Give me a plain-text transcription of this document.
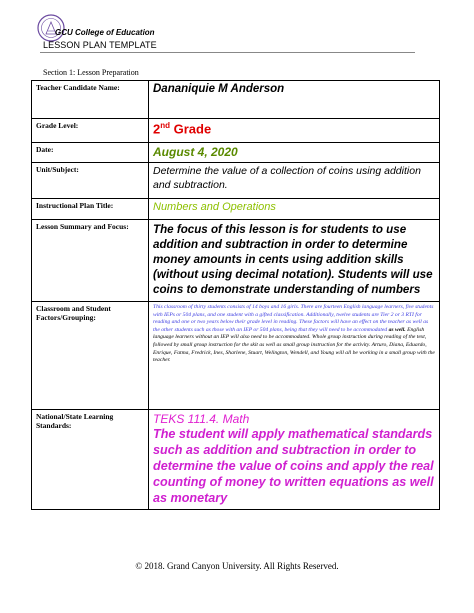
GCU College of Education
LESSON PLAN TEMPLATE
Section 1: Lesson Preparation
Teacher Candidate Name:	Dananiquie M Anderson

Grade Level:	2nd Grade

Date:	August 4, 2020

Unit/Subject:	Determine the value of a collection of coins using addition and subtraction.

Instructional Plan Title:	Numbers and Operations

Lesson Summary and Focus:	The focus of this lesson is for students to use addition and subtraction in order to determine money amounts in cents using addition skills (without using decimal notation). Students will use coins to demonstrate understanding of numbers

Classroom and Student Factors/Grouping:	This classroom of thirty students consists of 14 boys and 16 girls. There are fourteen English language learners, five students with IEPs or 504 plans, and one student with a gifted classification. Additionally, twelve students are Tier 2 or 3 RTI for reading and one or two years below their grade level in reading. These factors will have an effect on the teacher as well as the other students such as those with an IEP or 504 plans, being that they will need to be accommodated as well. English language learners without an IEP will also need to be accommodated. Whole group instruction during reading of the text, followed by small group instruction for the skit as well as small group instruction for the activity. Arturo, Diana, Eduardo, Enrique, Fatma, Fredrick, Ines, Sharlene, Stuart, Welington, Wendell, and Young will all be working in a small group with the teacher.

National/State Learning Standards:	TEKS 111.4. Math
The student will apply mathematical standards such as addition and subtraction in order to determine the value of coins and apply the real counting of money to written equations as well as monetary
© 2018. Grand Canyon University. All Rights Reserved.
